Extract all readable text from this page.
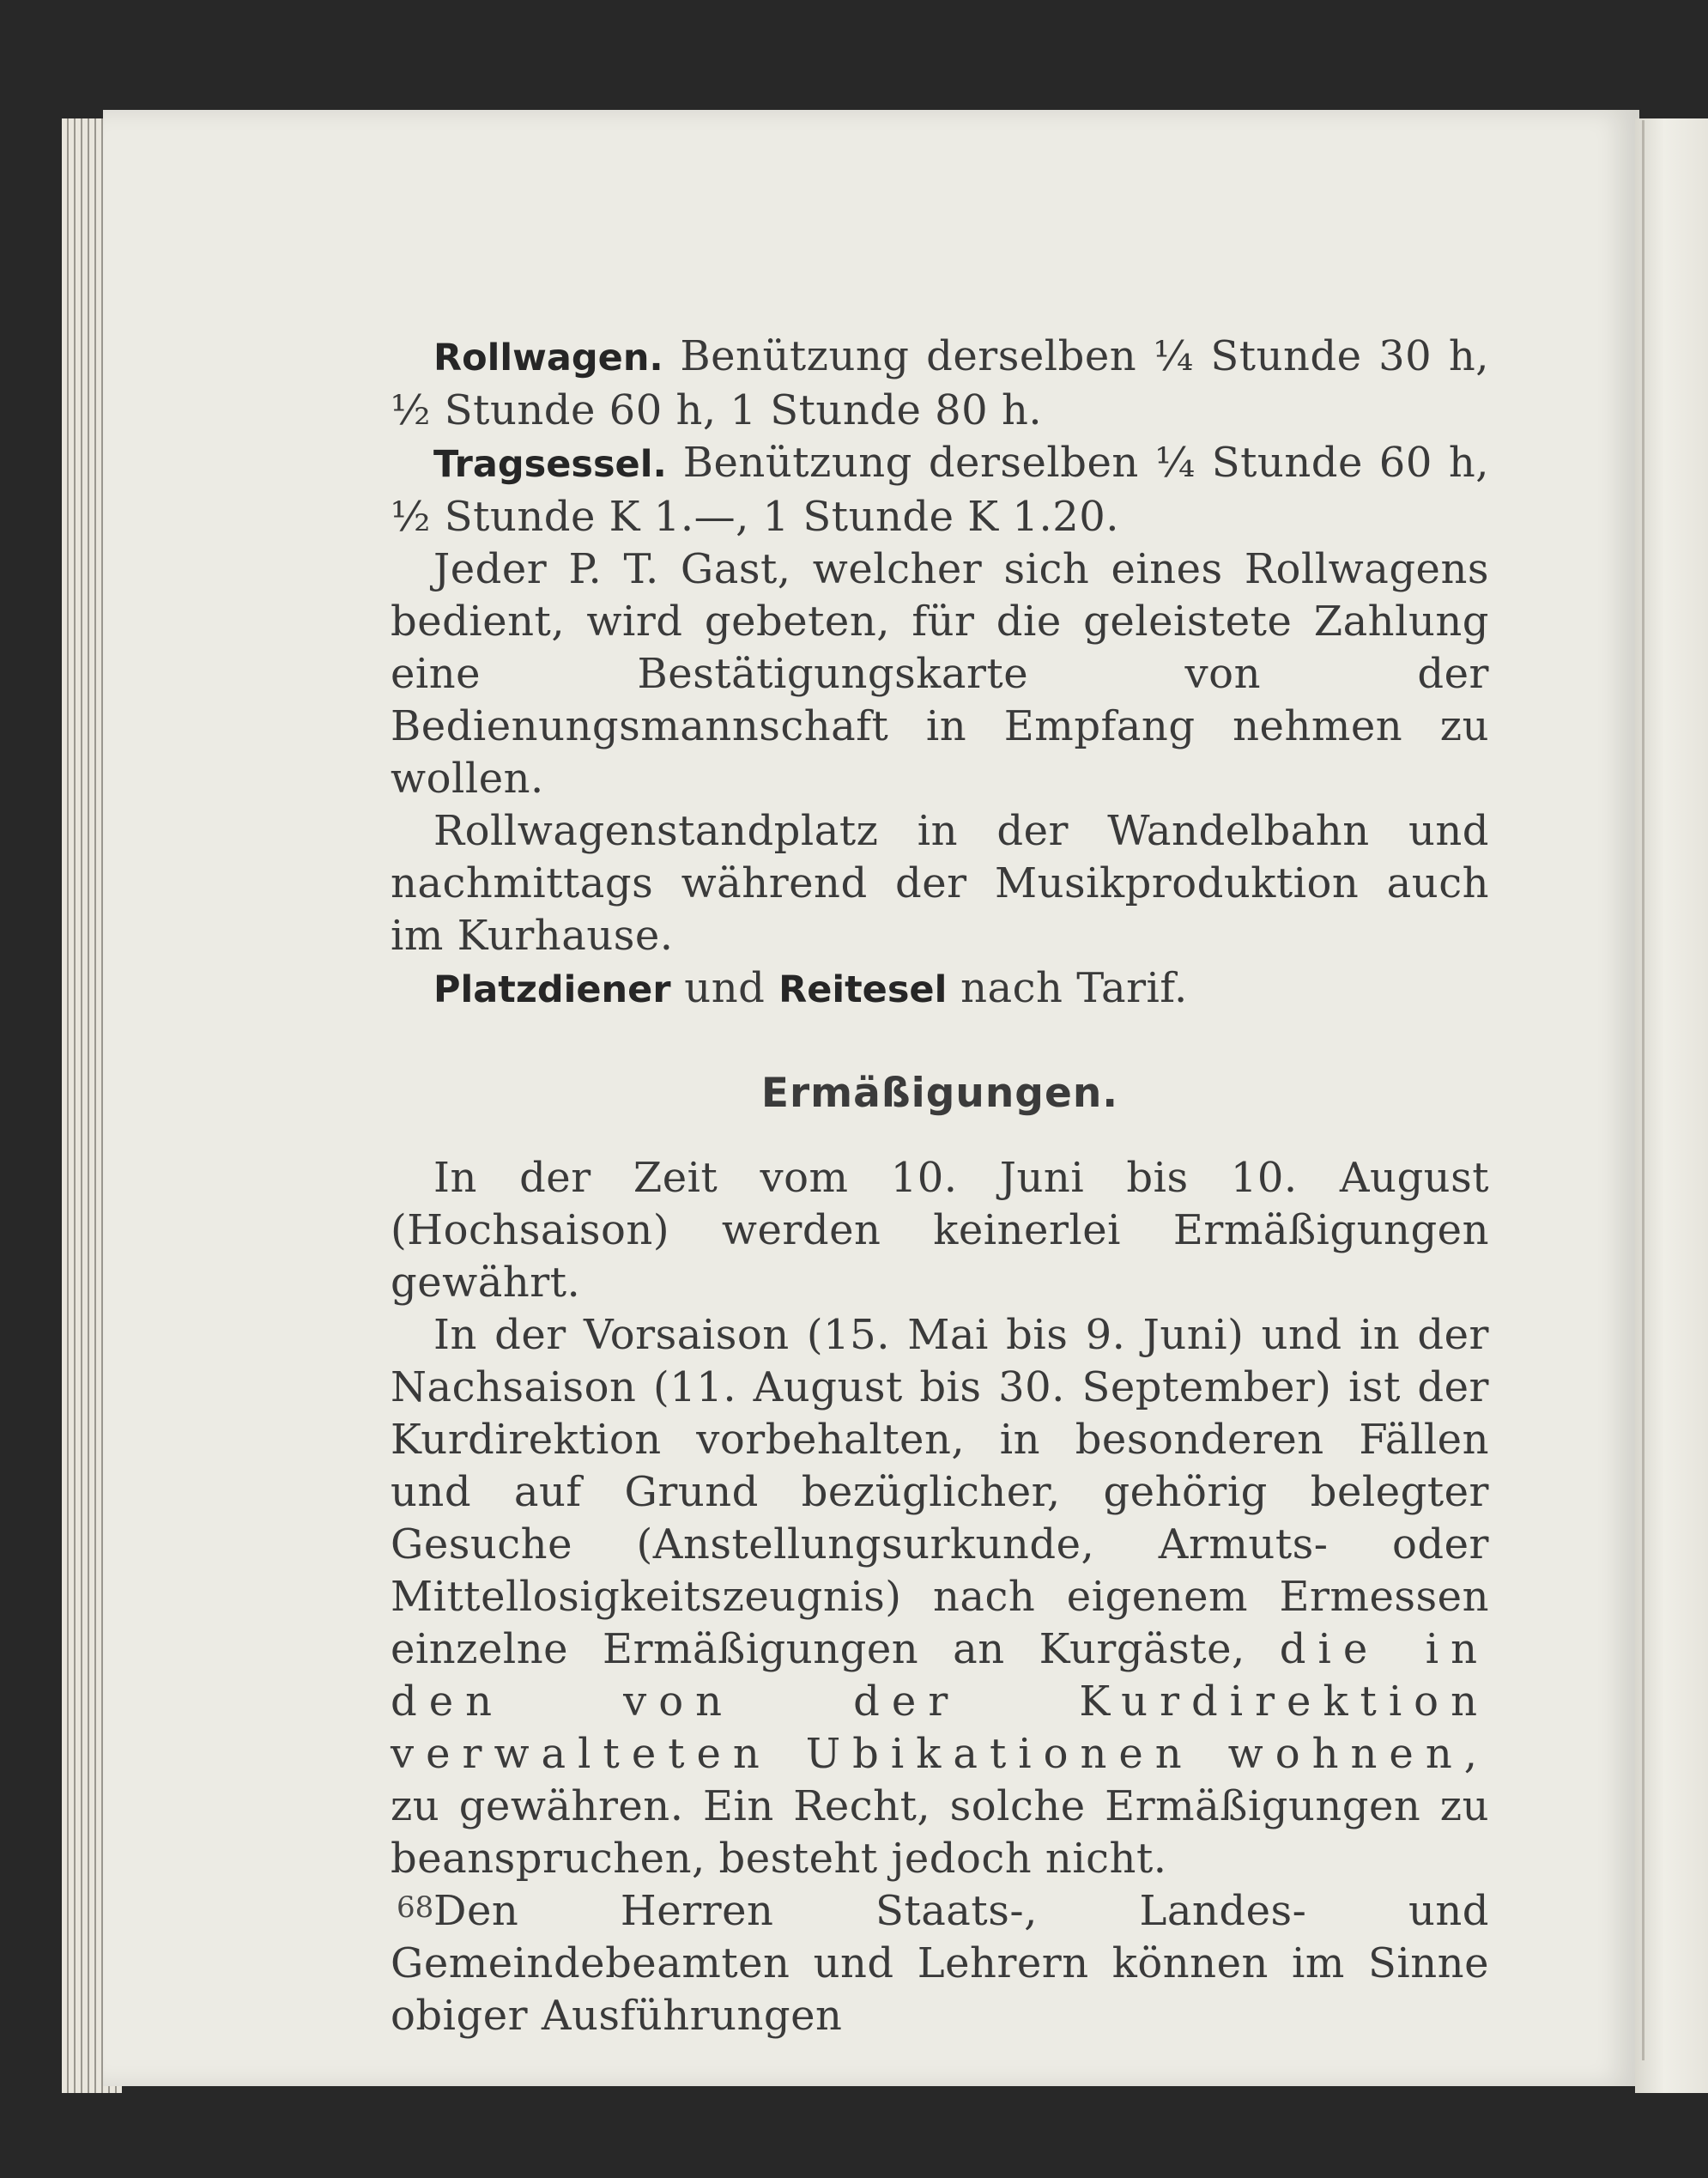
Rollwagen. Benützung derselben ¼ Stunde 30 h, ½ Stunde 60 h, 1 Stunde 80 h.

Tragsessel. Benützung derselben ¼ Stunde 60 h, ½ Stunde K 1.—, 1 Stunde K 1.20.

Jeder P. T. Gast, welcher sich eines Rollwagens bedient, wird gebeten, für die geleistete Zahlung eine Bestätigungskarte von der Bedienungsmannschaft in Empfang nehmen zu wollen.

Rollwagenstandplatz in der Wandelbahn und nachmittags während der Musikproduktion auch im Kurhause.

Platzdiener und Reitesel nach Tarif.

Ermäßigungen.

In der Zeit vom 10. Juni bis 10. August (Hochsaison) werden keinerlei Ermäßigungen gewährt.

In der Vorsaison (15. Mai bis 9. Juni) und in der Nachsaison (11. August bis 30. September) ist der Kurdirektion vorbehalten, in besonderen Fällen und auf Grund bezüglicher, gehörig belegter Gesuche (Anstellungsurkunde, Armuts- oder Mittellosigkeitszeugnis) nach eigenem Ermessen einzelne Ermäßigungen an Kurgäste, die in den von der Kurdirektion verwalteten Ubikationen wohnen, zu gewähren. Ein Recht, solche Ermäßigungen zu beanspruchen, besteht jedoch nicht.

Den Herren Staats-, Landes- und Gemeindebeamten und Lehrern können im Sinne obiger Ausführungen

68
